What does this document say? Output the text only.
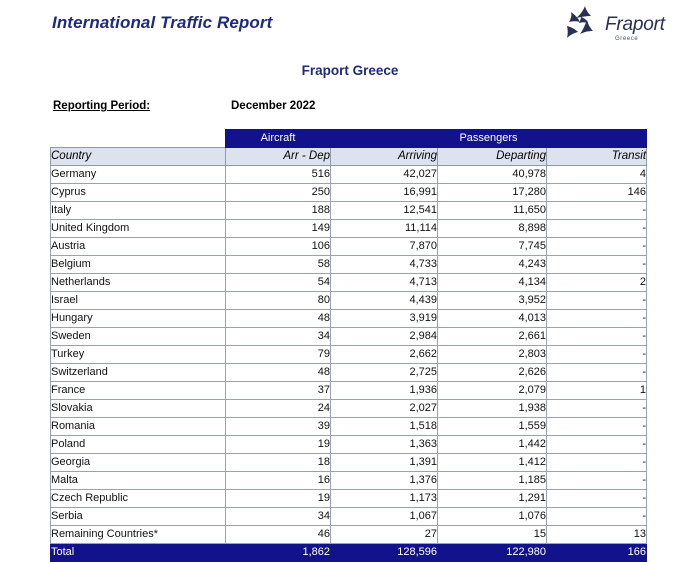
International Traffic Report	Fraport
Greece
Fraport Greece
Reporting Period:	December 2022
	Aircraft	Passengers		
Country	Arr - Dep	Arriving	Departing	Transit
Germany	516	42,027	40,978	4
Cyprus	250	16,991	17,280	146
Italy	188	12,541	11,650	-
United Kingdom	149	11,114	8,898	-
Austria	106	7,870	7,745	-
Belgium	58	4,733	4,243	-
Netherlands	54	4,713	4,134	2
Israel	80	4,439	3,952	-
Hungary	48	3,919	4,013	-
Sweden	34	2,984	2,661	-
Turkey	79	2,662	2,803	-
Switzerland	48	2,725	2,626	-
France	37	1,936	2,079	1
Slovakia	24	2,027	1,938	-
Romania	39	1,518	1,559	-
Poland	19	1,363	1,442	-
Georgia	18	1,391	1,412	-
Malta	16	1,376	1,185	-
Czech Republic	19	1,173	1,291	-
Serbia	34	1,067	1,076	-
Remaining Countries*	46	27	15	13
Total	1,862	128,596	122,980	166
